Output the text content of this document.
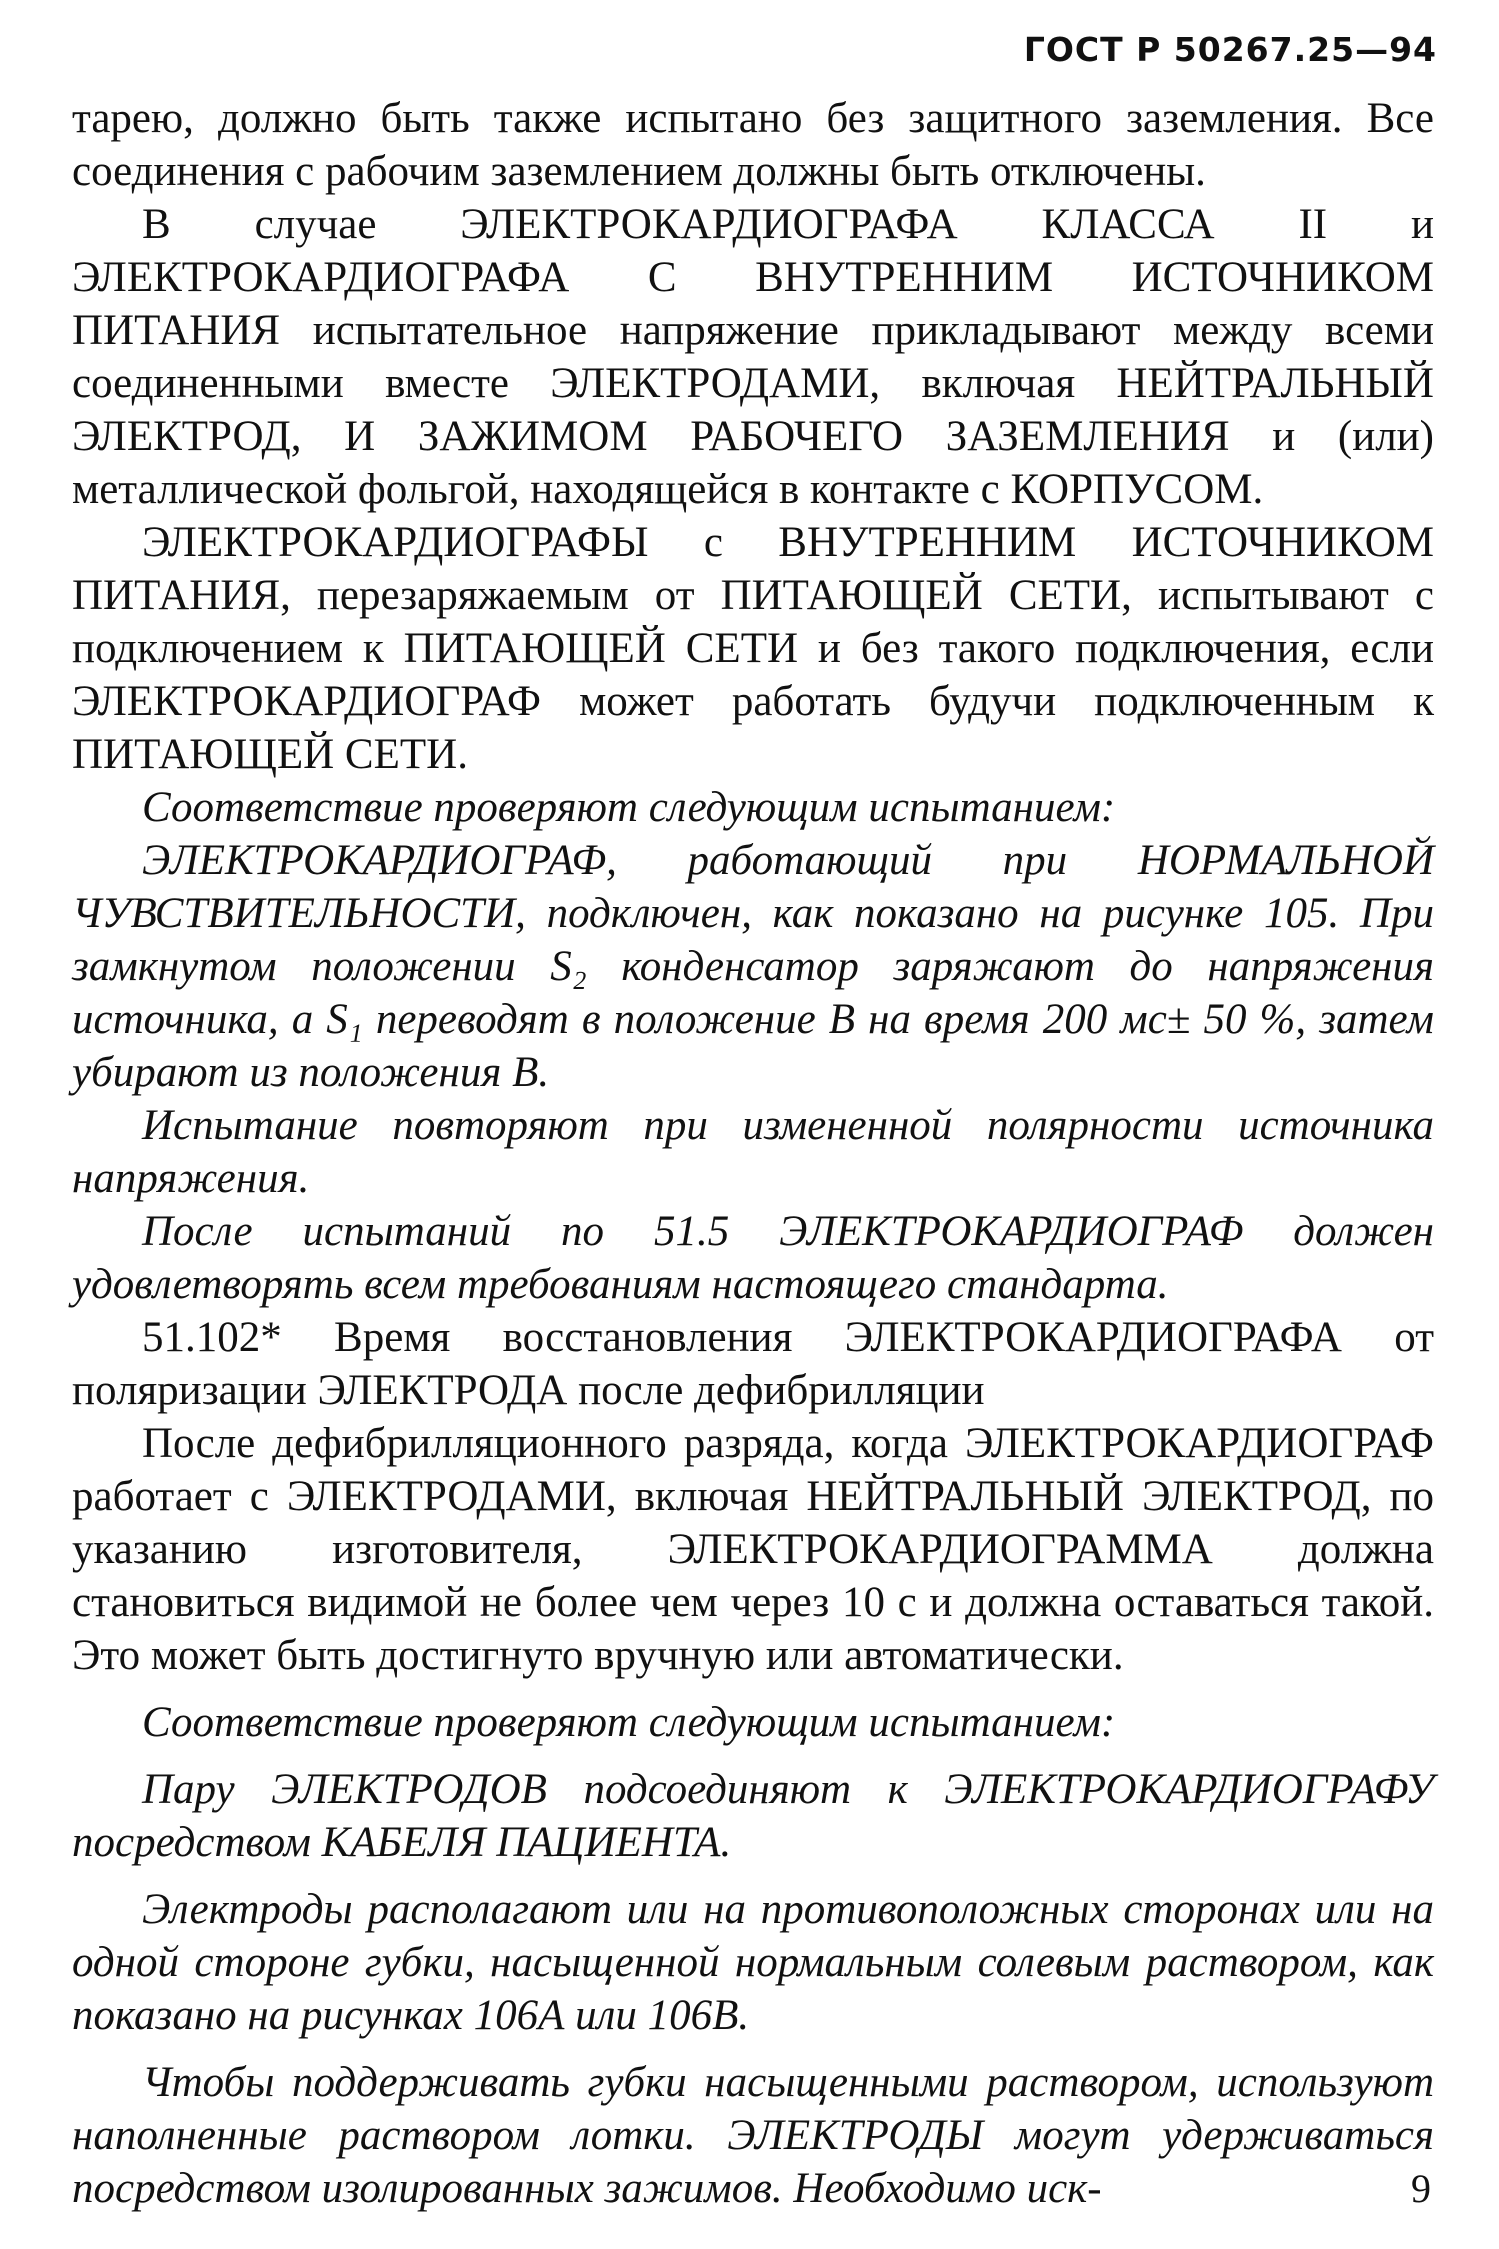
ГОСТ Р 50267.25—94

тарею, должно быть также испытано без защитного заземления. Все соединения с рабочим заземлением должны быть отключены.

В случае ЭЛЕКТРОКАРДИОГРАФА КЛАССА II и ЭЛЕКТРОКАРДИОГРАФА С ВНУТРЕННИМ ИСТОЧНИКОМ ПИТАНИЯ испытательное напряжение прикладывают между всеми соединенными вместе ЭЛЕКТРОДАМИ, включая НЕЙТРАЛЬНЫЙ ЭЛЕКТРОД, И ЗАЖИМОМ РАБОЧЕГО ЗАЗЕМЛЕНИЯ и (или) металлической фольгой, находящейся в контакте с КОРПУСОМ.

ЭЛЕКТРОКАРДИОГРАФЫ с ВНУТРЕННИМ ИСТОЧНИКОМ ПИТАНИЯ, перезаряжаемым от ПИТАЮЩЕЙ СЕТИ, испытывают с подключением к ПИТАЮЩЕЙ СЕТИ и без такого подключения, если ЭЛЕКТРОКАРДИОГРАФ может работать будучи подключенным к ПИТАЮЩЕЙ СЕТИ.

Соответствие проверяют следующим испытанием:

ЭЛЕКТРОКАРДИОГРАФ, работающий при НОРМАЛЬНОЙ ЧУВСТВИТЕЛЬНОСТИ, подключен, как показано на рисунке 105. При замкнутом положении S₂ конденсатор заряжают до напряжения источника, а S₁ переводят в положение В на время 200 мс± 50 %, затем убирают из положения В.

Испытание повторяют при измененной полярности источника напряжения.

После испытаний по 51.5 ЭЛЕКТРОКАРДИОГРАФ должен удовлетворять всем требованиям настоящего стандарта.

51.102* Время восстановления ЭЛЕКТРОКАРДИОГРАФА от поляризации ЭЛЕКТРОДА после дефибрилляции

После дефибрилляционного разряда, когда ЭЛЕКТРОКАРДИОГРАФ работает с ЭЛЕКТРОДАМИ, включая НЕЙТРАЛЬНЫЙ ЭЛЕКТРОД, по указанию изготовителя, ЭЛЕКТРОКАРДИОГРАММА должна становиться видимой не более чем через 10 с и должна оставаться такой. Это может быть достигнуто вручную или автоматически.

Соответствие проверяют следующим испытанием:

Пару ЭЛЕКТРОДОВ подсоединяют к ЭЛЕКТРОКАРДИОГРАФУ посредством КАБЕЛЯ ПАЦИЕНТА.

Электроды располагают или на противоположных сторонах или на одной стороне губки, насыщенной нормальным солевым раствором, как показано на рисунках 106А или 106В.

Чтобы поддерживать губки насыщенными раствором, используют наполненные раствором лотки. ЭЛЕКТРОДЫ могут удерживаться посредством изолированных зажимов. Необходимо иск-	9
